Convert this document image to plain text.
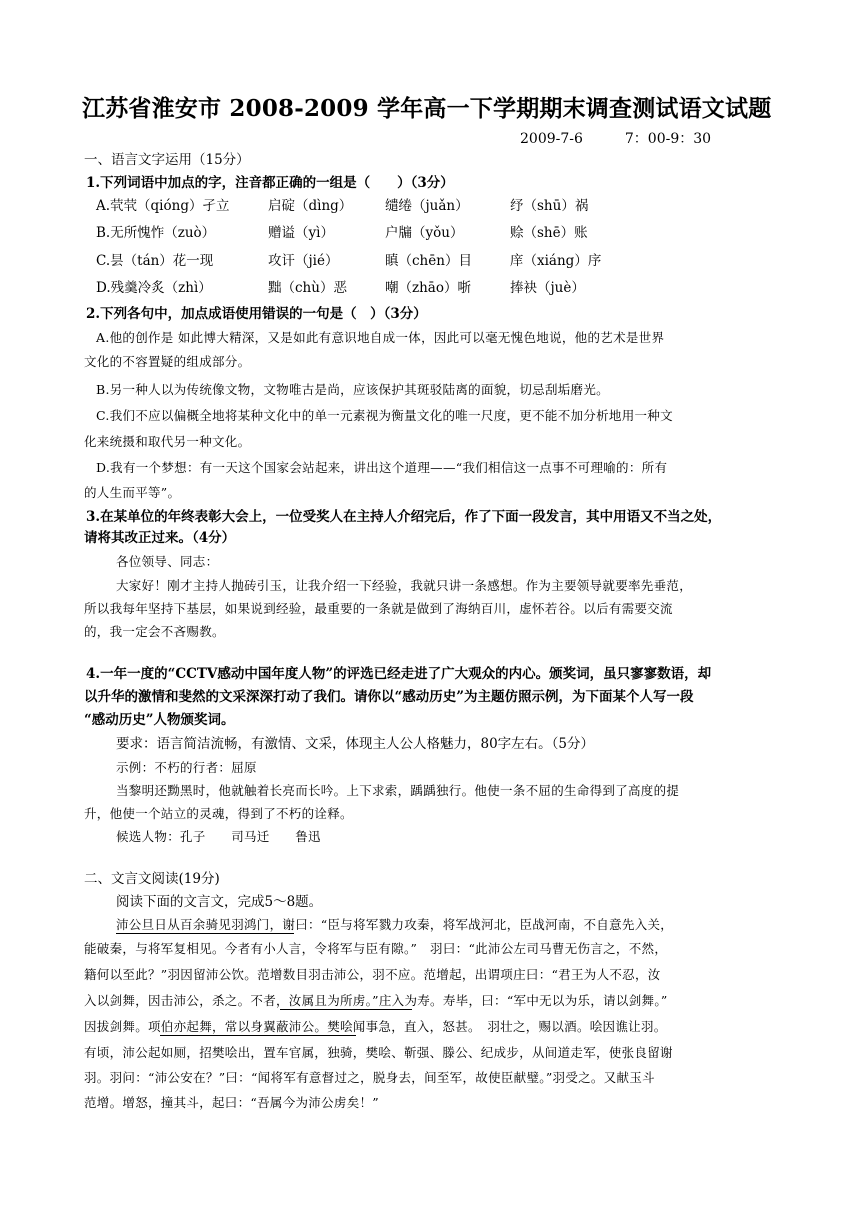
江苏省淮安市 2008-2009 学年高一下学期期末调查测试语文试题
2009-7-6　　　7：00-9：30
一、语言文字运用（15分）
1.下列词语中加点的字，注音都正确的一组是（　　）（3分）
A.茕茕（qióng）孑立	启碇（dìng） 缱绻（juǎn）	纾（shū）祸
B.无所愧怍（zuò）	赠谥（yì）	户牖（yǒu）	赊（shē）账
C.昙（tán）花一现	攻讦（jié）	瞋（chēn）目	庠（xiáng）序
D.残羹冷炙（zhì）	黜（chù）恶	嘲（zhāo）哳	捧袂（juè）
2.下列各句中，加点成语使用错误的一句是（　）（3分）
A.他的创作是 如此博大精深，又是如此有意识地自成一体，因此可以毫无愧色地说，他的艺术是世界
文化的不容置疑的组成部分。
B.另一种人以为传统像文物，文物唯古是尚，应该保护其斑驳陆离的面貌，切忌刮垢磨光。
C.我们不应以偏概全地将某种文化中的单一元素视为衡量文化的唯一尺度，更不能不加分析地用一种文
化来统摄和取代另一种文化。
D.我有一个梦想：有一天这个国家会站起来，讲出这个道理——“我们相信这一点事不可理喻的：所有
的人生而平等”。
3.在某单位的年终表彰大会上，一位受奖人在主持人介绍完后，作了下面一段发言，其中用语又不当之处，
请将其改正过来。（4分）
各位领导、同志：
大家好！刚才主持人抛砖引玉，让我介绍一下经验，我就只讲一条感想。作为主要领导就要率先垂范，
所以我每年坚持下基层，如果说到经验，最重要的一条就是做到了海纳百川，虚怀若谷。以后有需要交流
的，我一定会不吝赐教。
4.一年一度的“CCTV感动中国年度人物”的评选已经走进了广大观众的内心。颁奖词，虽只寥寥数语，却
以升华的激情和斐然的文采深深打动了我们。请你以“感动历史”为主题仿照示例，为下面某个人写一段
“感动历史”人物颁奖词。
要求：语言简洁流畅，有激情、文采，体现主人公人格魅力，80字左右。（5分）
示例：不朽的行者：屈原
当黎明还黝黑时，他就触着长亮而长吟。上下求索，踽踽独行。他使一条不屈的生命得到了高度的提
升，他使一个站立的灵魂，得到了不朽的诠释。
候选人物：孔子　　司马迁　　鲁迅
二、文言文阅读(19分)
阅读下面的文言文，完成5～8题。
沛公旦日从百余骑见羽鸿门，谢曰：“臣与将军戮力攻秦，将军战河北，臣战河南，不自意先入关，
能破秦，与将军复相见。今者有小人言，令将军与臣有隙。”　羽曰：“此沛公左司马曹无伤言之，不然，
籍何以至此？”羽因留沛公饮。范增数目羽击沛公，羽不应。范增起，出谓项庄曰：“君王为人不忍，汝
入以剑舞，因击沛公，杀之。不者，汝属且为所虏。”庄入为寿。寿毕，曰：“军中无以为乐，请以剑舞。”
因拔剑舞。项伯亦起舞，常以身翼蔽沛公。樊哙闻事急，直入，怒甚。　羽壮之，赐以酒。哙因谯让羽。
有顷，沛公起如厕，招樊哙出，置车官属，独骑，樊哙、靳强、滕公、纪成步，从间道走军，使张良留谢
羽。羽问：“沛公安在？”曰：“闻将军有意督过之，脱身去，间至军，故使臣献璧。”羽受之。又献玉斗
范增。增怒，撞其斗，起曰：“吾属今为沛公虏矣！”
